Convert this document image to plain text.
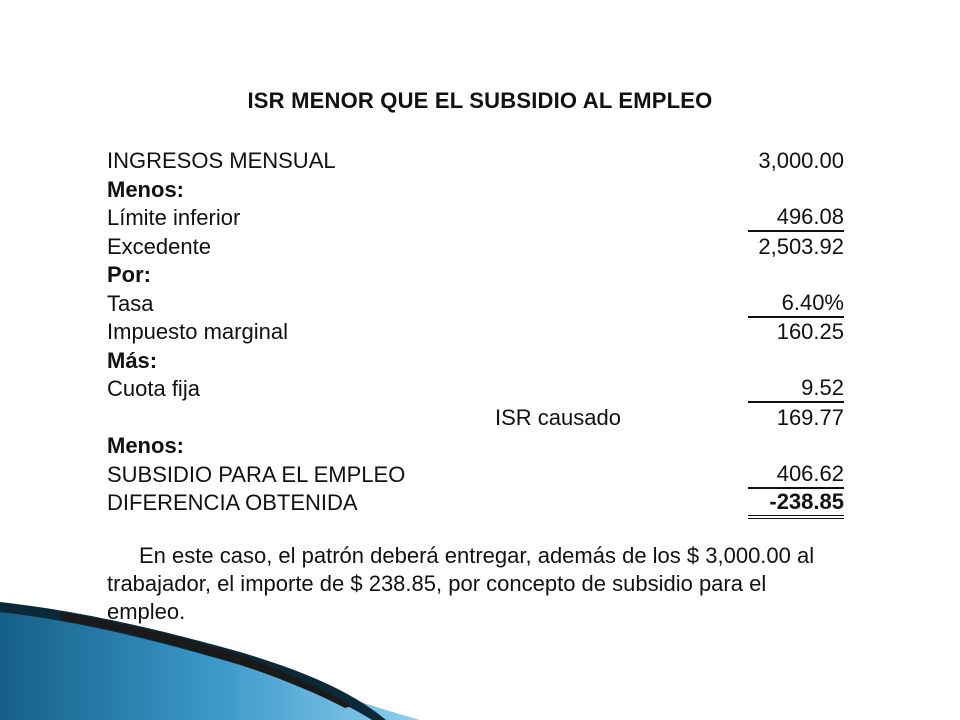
ISR MENOR QUE EL SUBSIDIO AL EMPLEO
INGRESOS MENSUAL	3,000.00
Menos:
Límite inferior	496.08
Excedente	2,503.92
Por:
Tasa	6.40%
Impuesto marginal	160.25
Más:
Cuota fija	9.52
ISR causado	169.77
Menos:
SUBSIDIO PARA EL EMPLEO	406.62
DIFERENCIA OBTENIDA	-238.85
En este caso, el patrón deberá entregar, además de los $ 3,000.00 al trabajador, el importe de $ 238.85, por concepto de subsidio para el empleo.
